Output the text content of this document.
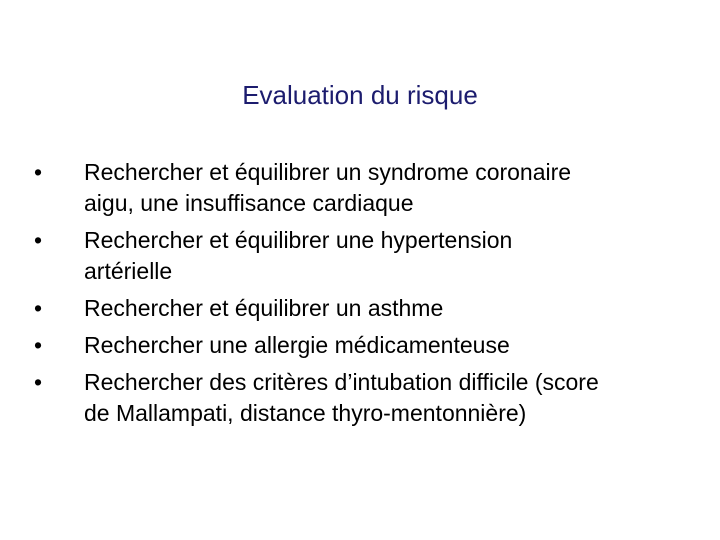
Evaluation du risque
• Rechercher et équilibrer un syndrome coronaire
aigu, une insuffisance cardiaque
• Rechercher et équilibrer une hypertension
artérielle
• Rechercher et équilibrer un asthme
• Rechercher une allergie médicamenteuse
• Rechercher des critères d’intubation difficile (score
de Mallampati, distance thyro-mentonnière)
